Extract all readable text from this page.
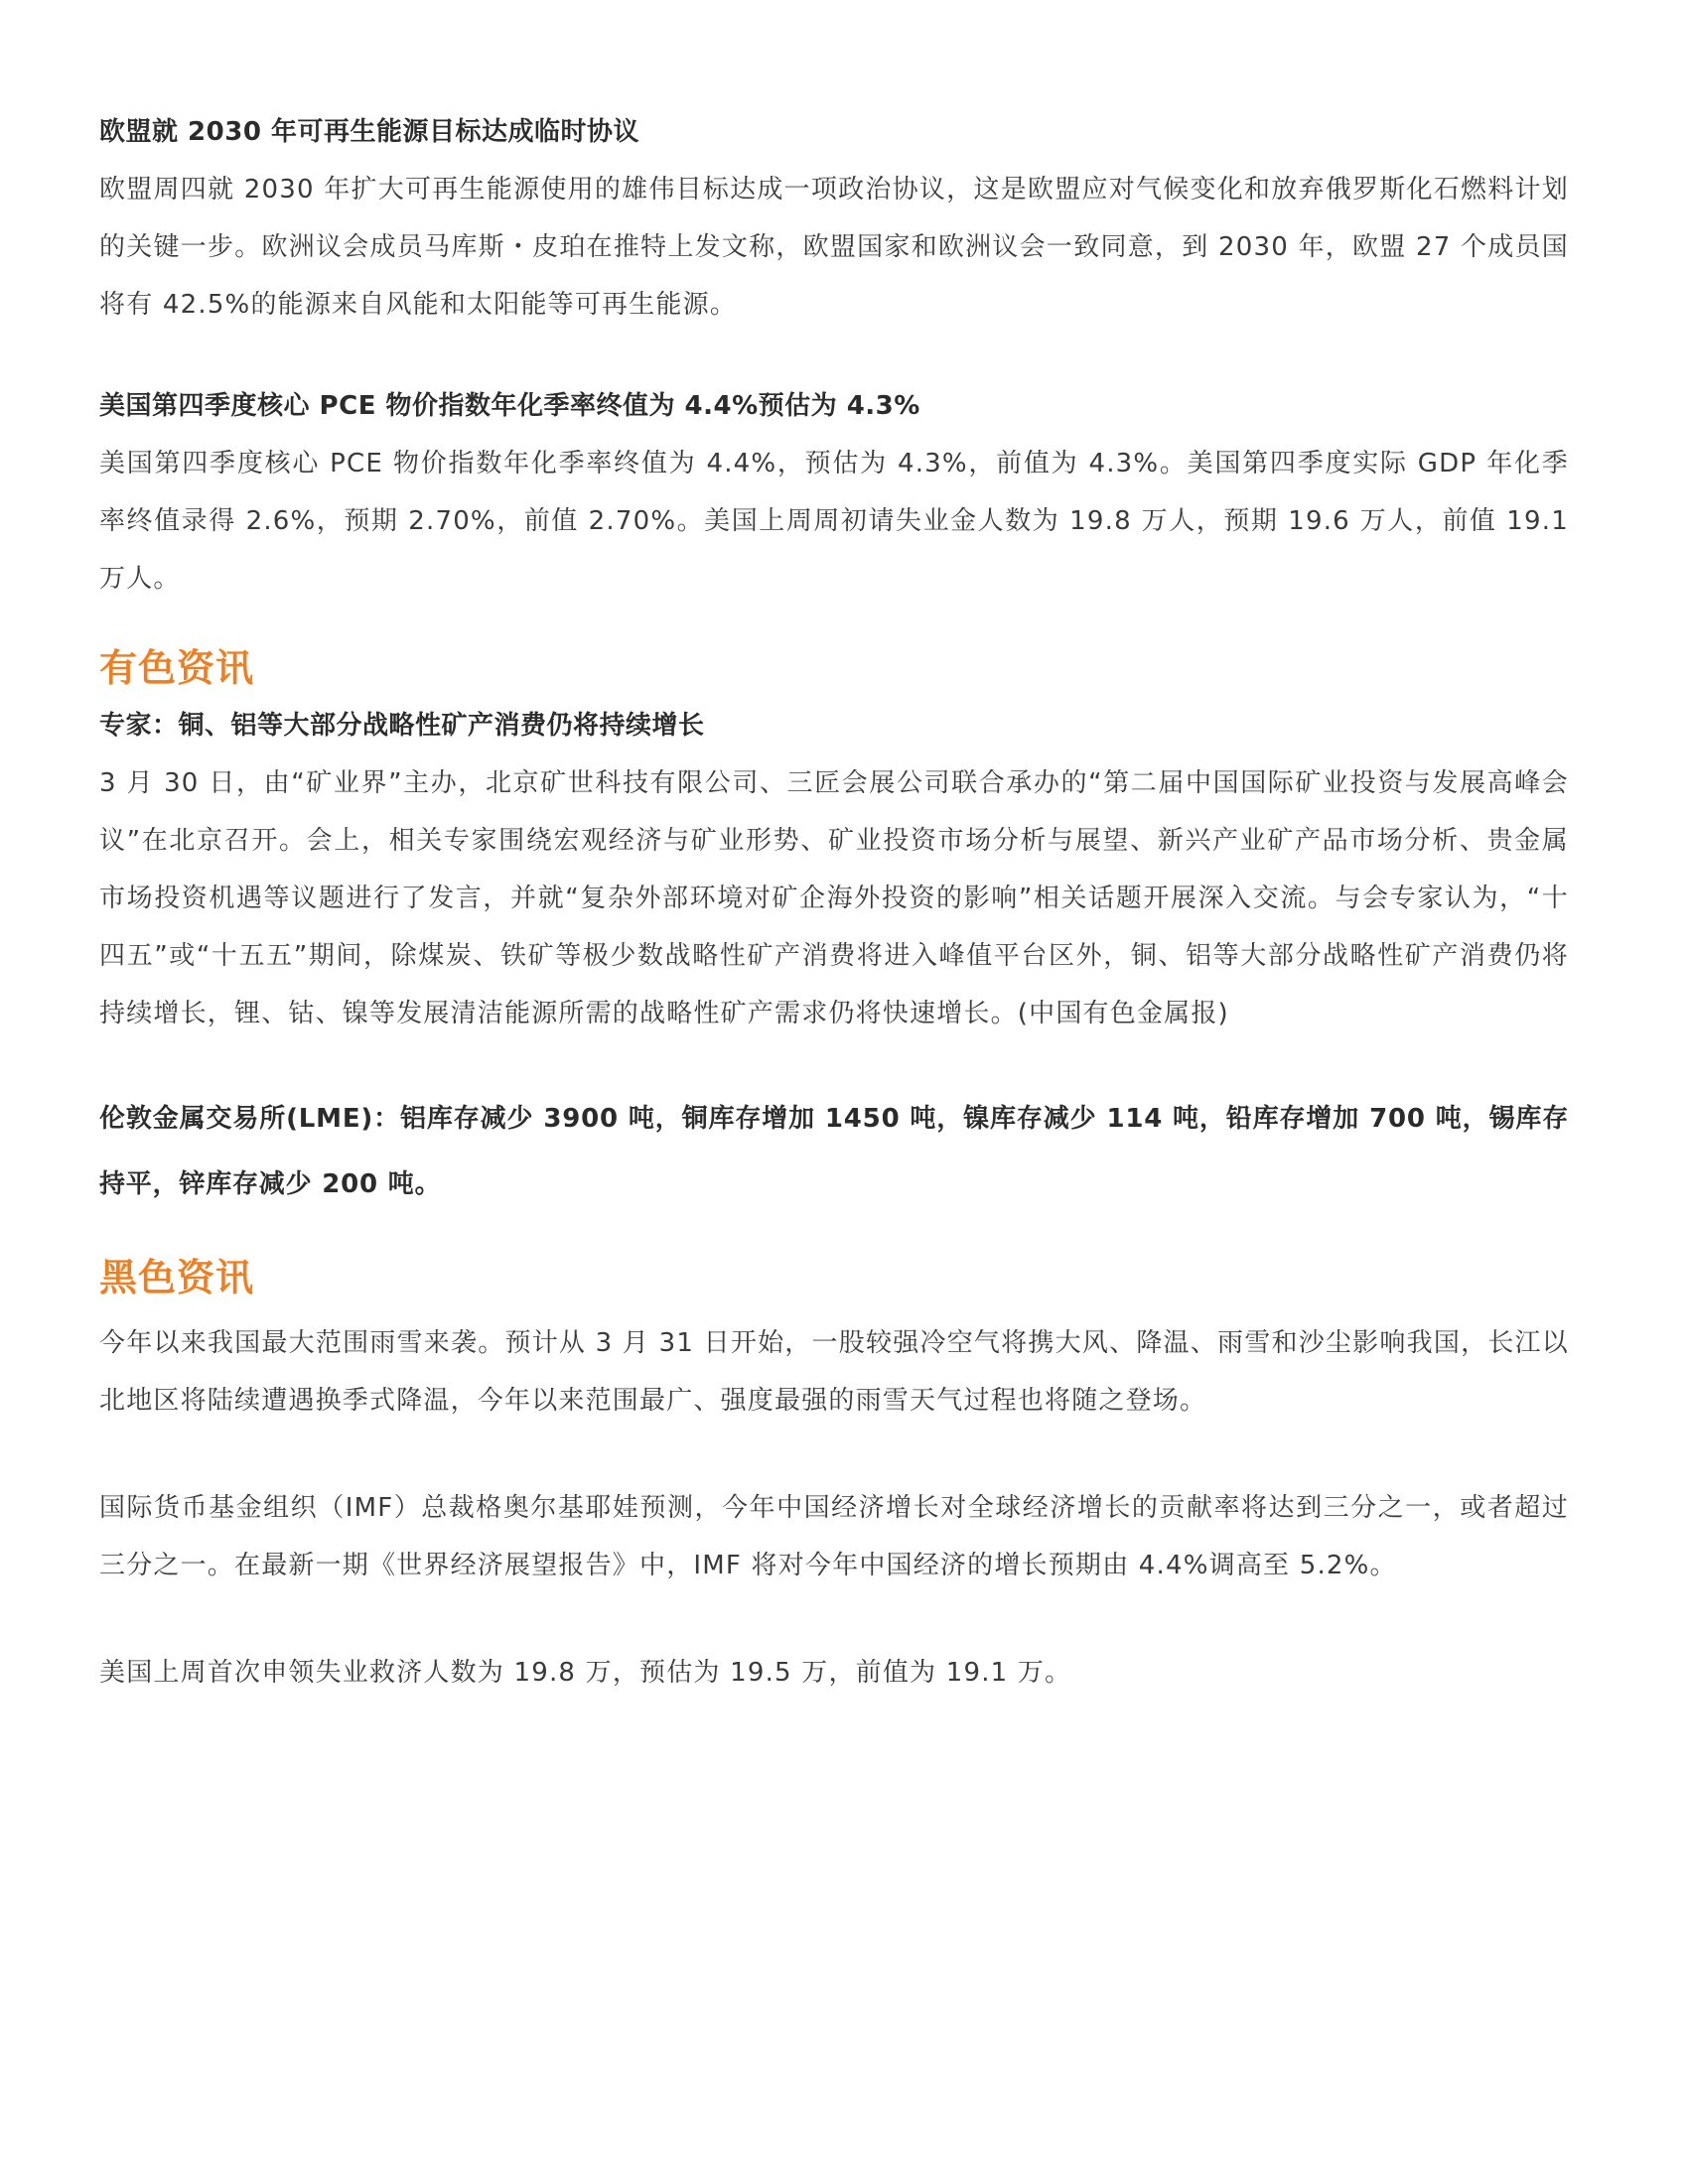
欧盟就 2030 年可再生能源目标达成临时协议

欧盟周四就 2030 年扩大可再生能源使用的雄伟目标达成一项政治协议，这是欧盟应对气候变化和放弃俄罗斯化石燃料计划的关键一步。欧洲议会成员马库斯・皮珀在推特上发文称，欧盟国家和欧洲议会一致同意，到 2030 年，欧盟 27 个成员国将有 42.5%的能源来自风能和太阳能等可再生能源。

美国第四季度核心 PCE 物价指数年化季率终值为 4.4%预估为 4.3%

美国第四季度核心 PCE 物价指数年化季率终值为 4.4%，预估为 4.3%，前值为 4.3%。美国第四季度实际 GDP 年化季率终值录得 2.6%，预期 2.70%，前值 2.70%。美国上周周初请失业金人数为 19.8 万人，预期 19.6 万人，前值 19.1 万人。

有色资讯

专家：铜、铝等大部分战略性矿产消费仍将持续增长

3 月 30 日，由“矿业界”主办，北京矿世科技有限公司、三匠会展公司联合承办的“第二届中国国际矿业投资与发展高峰会议”在北京召开。会上，相关专家围绕宏观经济与矿业形势、矿业投资市场分析与展望、新兴产业矿产品市场分析、贵金属市场投资机遇等议题进行了发言，并就“复杂外部环境对矿企海外投资的影响”相关话题开展深入交流。与会专家认为，“十四五”或“十五五”期间，除煤炭、铁矿等极少数战略性矿产消费将进入峰值平台区外，铜、铝等大部分战略性矿产消费仍将持续增长，锂、钴、镍等发展清洁能源所需的战略性矿产需求仍将快速增长。(中国有色金属报)

伦敦金属交易所(LME)：铝库存减少 3900 吨，铜库存增加 1450 吨，镍库存减少 114 吨，铅库存增加 700 吨，锡库存持平，锌库存减少 200 吨。

黑色资讯

今年以来我国最大范围雨雪来袭。预计从 3 月 31 日开始，一股较强冷空气将携大风、降温、雨雪和沙尘影响我国，长江以北地区将陆续遭遇换季式降温，今年以来范围最广、强度最强的雨雪天气过程也将随之登场。

国际货币基金组织（IMF）总裁格奥尔基耶娃预测，今年中国经济增长对全球经济增长的贡献率将达到三分之一，或者超过三分之一。在最新一期《世界经济展望报告》中，IMF 将对今年中国经济的增长预期由 4.4%调高至 5.2%。

美国上周首次申领失业救济人数为 19.8 万，预估为 19.5 万，前值为 19.1 万。
